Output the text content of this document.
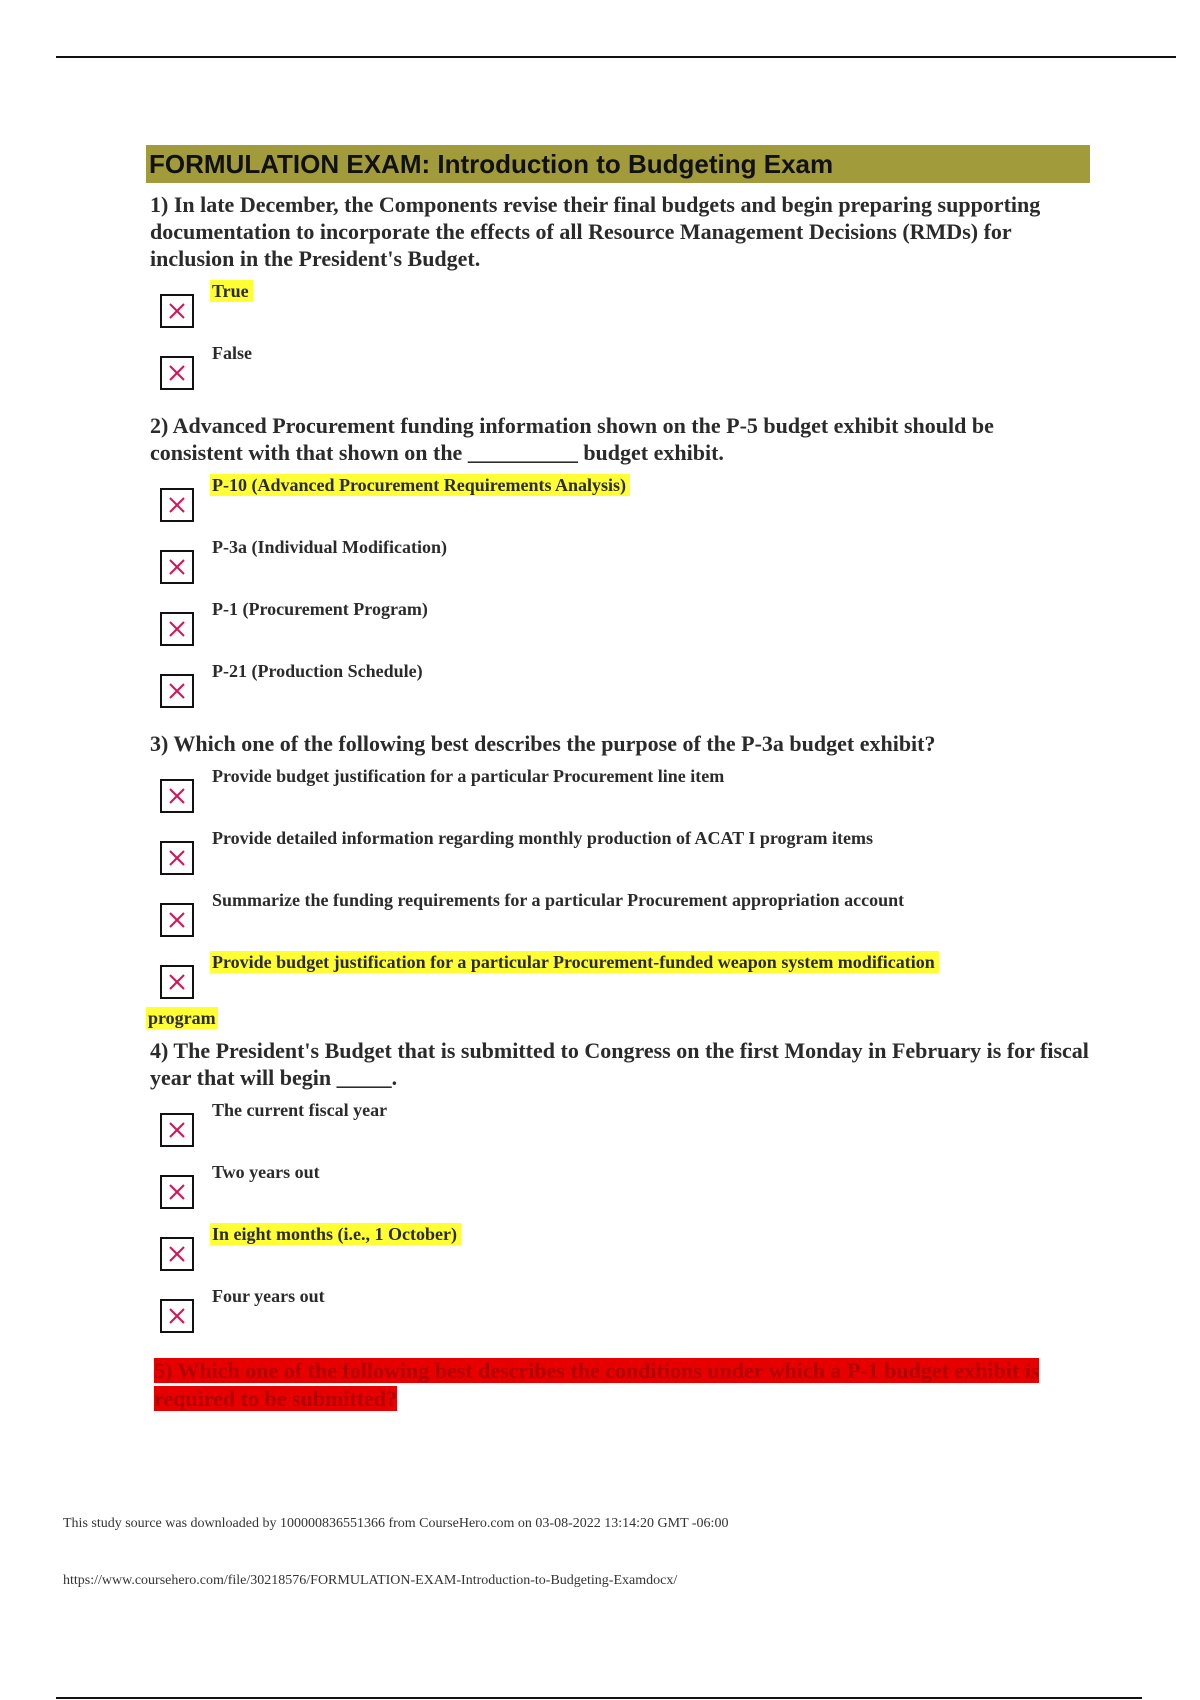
FORMULATION EXAM: Introduction to Budgeting Exam
1) In late December, the Components revise their final budgets and begin preparing supporting documentation to incorporate the effects of all Resource Management Decisions (RMDs) for inclusion in the President's Budget.
True
False
2) Advanced Procurement funding information shown on the P-5 budget exhibit should be consistent with that shown on the __________ budget exhibit.
P-10 (Advanced Procurement Requirements Analysis)
P-3a (Individual Modification)
P-1 (Procurement Program)
P-21 (Production Schedule)
3) Which one of the following best describes the purpose of the P-3a budget exhibit?
Provide budget justification for a particular Procurement line item
Provide detailed information regarding monthly production of ACAT I program items
Summarize the funding requirements for a particular Procurement appropriation account
Provide budget justification for a particular Procurement-funded weapon system modification
program
4) The President's Budget that is submitted to Congress on the first Monday in February is for fiscal year that will begin _____.
The current fiscal year
Two years out
In eight months (i.e., 1 October)
Four years out
5) Which one of the following best describes the conditions under which a P-1 budget exhibit is required to be submitted?
This study source was downloaded by 100000836551366 from CourseHero.com on 03-08-2022 13:14:20 GMT -06:00
https://www.coursehero.com/file/30218576/FORMULATION-EXAM-Introduction-to-Budgeting-Examdocx/
